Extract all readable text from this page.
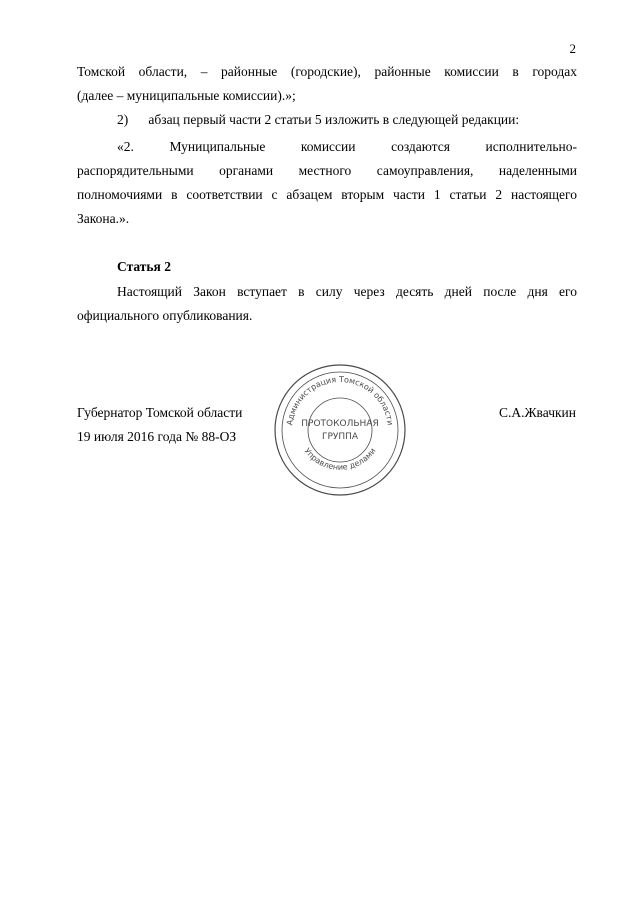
2
Томской области, – районные (городские), районные комиссии в городах
(далее – муниципальные комиссии).»;
2) абзац первый части 2 статьи 5 изложить в следующей редакции:
«2. Муниципальные комиссии создаются исполнительно-
распорядительными органами местного самоуправления, наделенными
полномочиями в соответствии с абзацем вторым части 1 статьи 2 настоящего
Закона.».
Статья 2
Настоящий Закон вступает в силу через десять дней после дня его
официального опубликования.
Губернатор Томской области	С.А.Жвачкин
19 июля 2016 года № 88-ОЗ
Администрация Томской области
Управление делами
ПРОТОКОЛЬНАЯ
ГРУППА
